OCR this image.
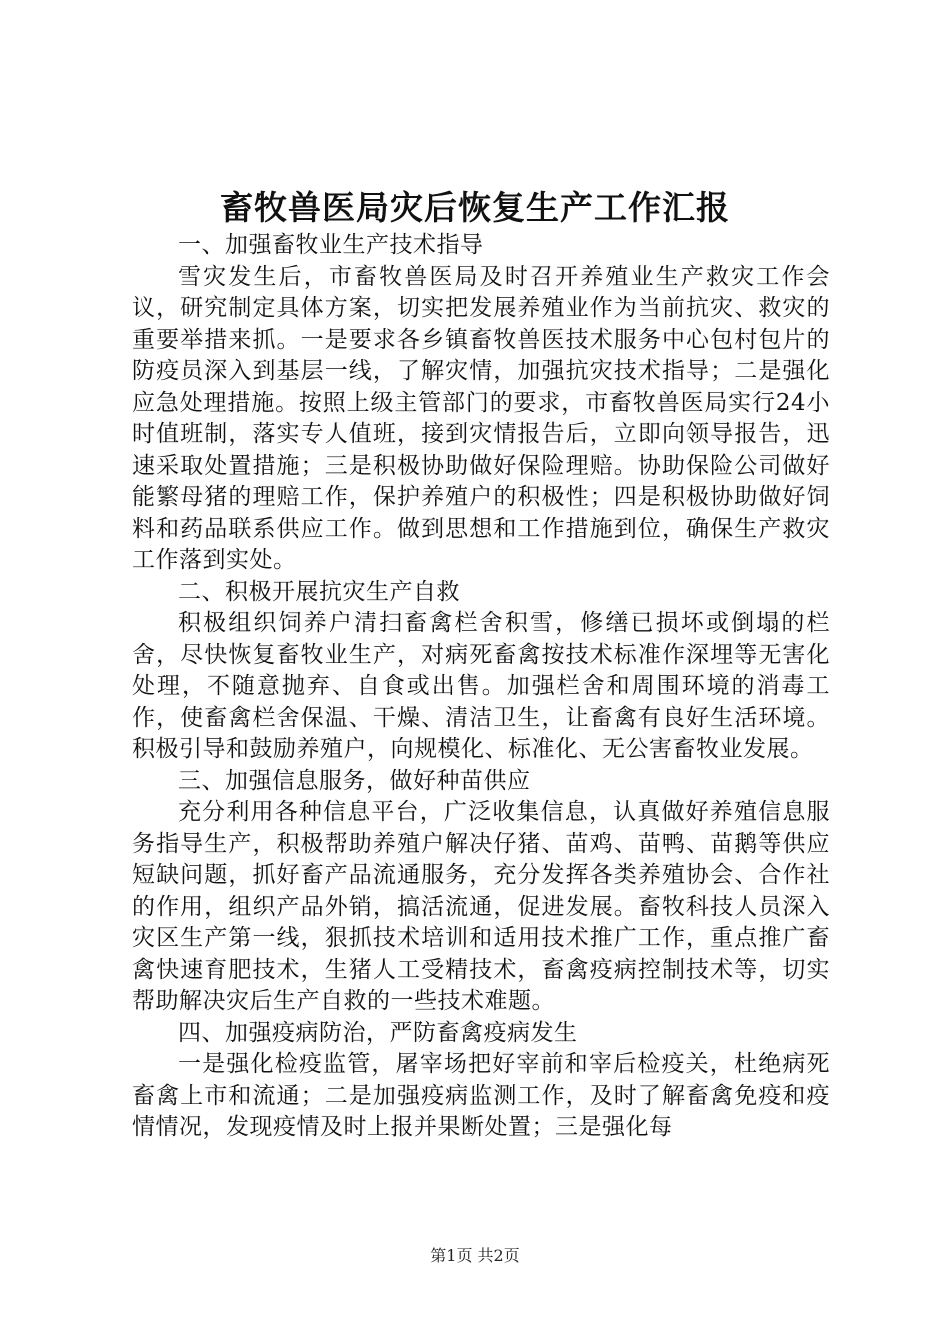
畜牧兽医局灾后恢复生产工作汇报

一、加强畜牧业生产技术指导

雪灾发生后，市畜牧兽医局及时召开养殖业生产救灾工作会议，研究制定具体方案，切实把发展养殖业作为当前抗灾、救灾的重要举措来抓。一是要求各乡镇畜牧兽医技术服务中心包村包片的防疫员深入到基层一线，了解灾情，加强抗灾技术指导；二是强化应急处理措施。按照上级主管部门的要求，市畜牧兽医局实行24小时值班制，落实专人值班，接到灾情报告后，立即向领导报告，迅速采取处置措施；三是积极协助做好保险理赔。协助保险公司做好能繁母猪的理赔工作，保护养殖户的积极性；四是积极协助做好饲料和药品联系供应工作。做到思想和工作措施到位，确保生产救灾工作落到实处。

二、积极开展抗灾生产自救

积极组织饲养户清扫畜禽栏舍积雪，修缮已损坏或倒塌的栏舍，尽快恢复畜牧业生产，对病死畜禽按技术标准作深埋等无害化处理，不随意抛弃、自食或出售。加强栏舍和周围环境的消毒工作，使畜禽栏舍保温、干燥、清洁卫生，让畜禽有良好生活环境。积极引导和鼓励养殖户，向规模化、标准化、无公害畜牧业发展。

三、加强信息服务，做好种苗供应

充分利用各种信息平台，广泛收集信息，认真做好养殖信息服务指导生产，积极帮助养殖户解决仔猪、苗鸡、苗鸭、苗鹅等供应短缺问题，抓好畜产品流通服务，充分发挥各类养殖协会、合作社的作用，组织产品外销，搞活流通，促进发展。畜牧科技人员深入灾区生产第一线，狠抓技术培训和适用技术推广工作，重点推广畜禽快速育肥技术，生猪人工受精技术，畜禽疫病控制技术等，切实帮助解决灾后生产自救的一些技术难题。

四、加强疫病防治，严防畜禽疫病发生

一是强化检疫监管，屠宰场把好宰前和宰后检疫关，杜绝病死畜禽上市和流通；二是加强疫病监测工作，及时了解畜禽免疫和疫情情况，发现疫情及时上报并果断处置；三是强化每

第1页 共2页
